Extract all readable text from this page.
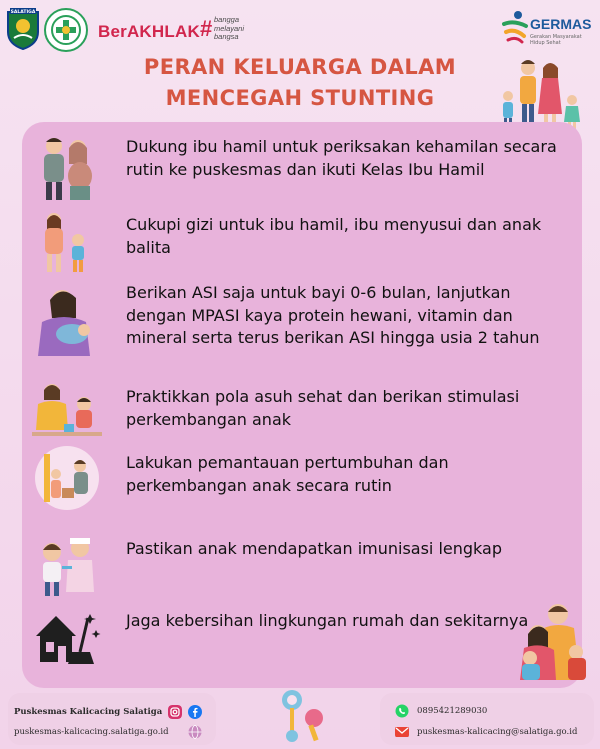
SALATIGA
BerAKHLAK # bangga
melayani
bangsa
GERMAS
Gerakan Masyarakat Hidup Sehat
PERAN KELUARGA DALAM
MENCEGAH STUNTING
Dukung ibu hamil untuk periksakan kehamilan secara rutin ke puskesmas dan ikuti Kelas Ibu Hamil
Cukupi gizi untuk ibu hamil, ibu menyusui dan anak balita
Berikan ASI saja untuk bayi 0-6 bulan, lanjutkan dengan MPASI kaya protein hewani, vitamin dan mineral serta terus berikan ASI hingga usia 2 tahun
Praktikkan pola asuh sehat dan berikan stimulasi perkembangan anak
Lakukan pemantauan pertumbuhan dan perkembangan anak secara rutin
Pastikan anak mendapatkan imunisasi lengkap
Jaga kebersihan lingkungan rumah dan sekitarnya
Puskesmas Kalicacing Salatiga
puskesmas-kalicacing.salatiga.go.id
0895421289030
puskesmas-kalicacing@salatiga.go.id
